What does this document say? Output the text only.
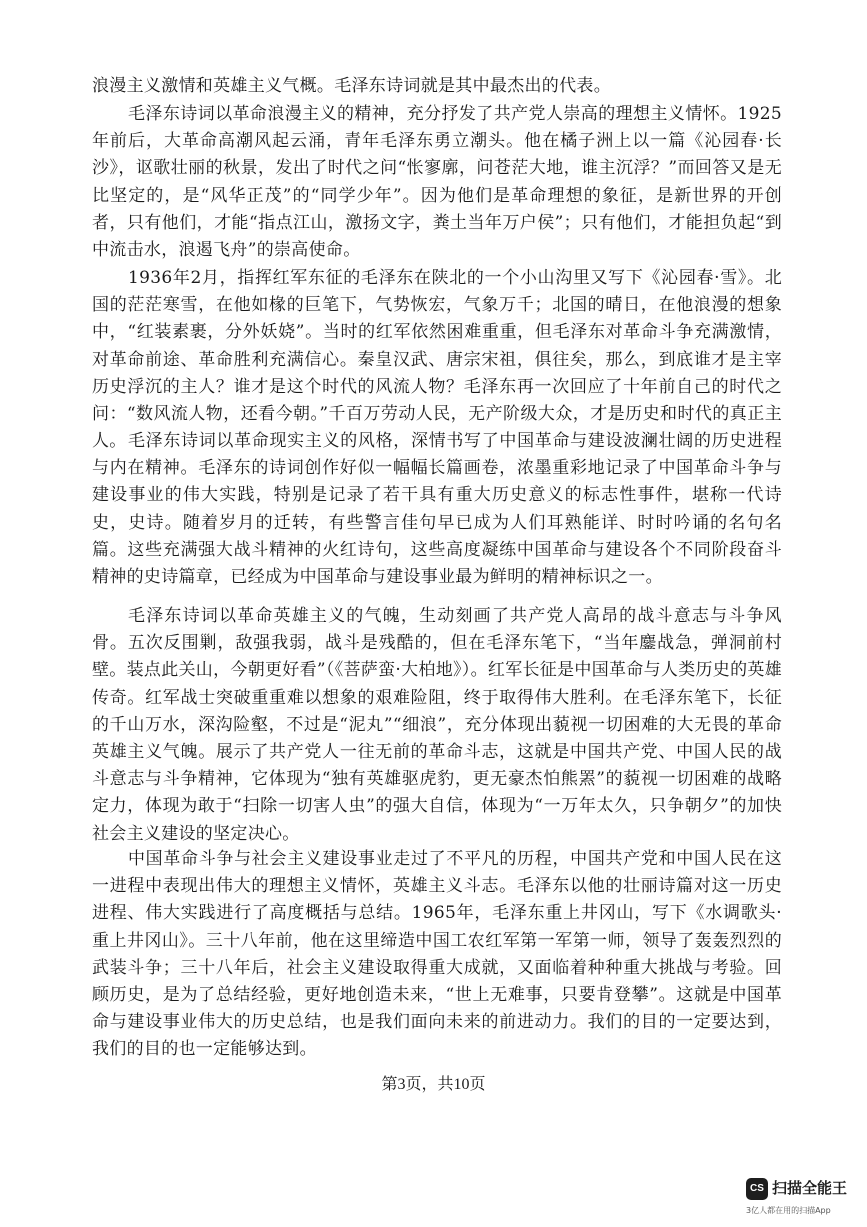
浪漫主义激情和英雄主义气概。毛泽东诗词就是其中最杰出的代表。

毛泽东诗词以革命浪漫主义的精神，充分抒发了共产党人崇高的理想主义情怀。1925年前后，大革命高潮风起云涌，青年毛泽东勇立潮头。他在橘子洲上以一篇《沁园春·长沙》，讴歌壮丽的秋景，发出了时代之问“怅寥廓，问苍茫大地，谁主沉浮？”而回答又是无比坚定的，是“风华正茂”的“同学少年”。因为他们是革命理想的象征，是新世界的开创者，只有他们，才能“指点江山，激扬文字，粪土当年万户侯”；只有他们，才能担负起“到中流击水，浪遏飞舟”的崇高使命。

1936年2月，指挥红军东征的毛泽东在陕北的一个小山沟里又写下《沁园春·雪》。北国的茫茫寒雪，在他如椽的巨笔下，气势恢宏，气象万千；北国的晴日，在他浪漫的想象中，“红装素裹，分外妖娆”。当时的红军依然困难重重，但毛泽东对革命斗争充满激情，对革命前途、革命胜利充满信心。秦皇汉武、唐宗宋祖，俱往矣，那么，到底谁才是主宰历史浮沉的主人？谁才是这个时代的风流人物？毛泽东再一次回应了十年前自己的时代之问：“数风流人物，还看今朝。”千百万劳动人民，无产阶级大众，才是历史和时代的真正主人。 毛泽东诗词以革命现实主义的风格，深情书写了中国革命与建设波澜壮阔的历史进程与内在精神。毛泽东的诗词创作好似一幅幅长篇画卷，浓墨重彩地记录了中国革命斗争与建设事业的伟大实践，特别是记录了若干具有重大历史意义的标志性事件，堪称一代诗史，史诗。随着岁月的迁转，有些警言佳句早已成为人们耳熟能详、时时吟诵的名句名篇。这些充满强大战斗精神的火红诗句，这些高度凝练中国革命与建设各个不同阶段奋斗精神的史诗篇章，已经成为中国革命与建设事业最为鲜明的精神标识之一。

毛泽东诗词以革命英雄主义的气魄，生动刻画了共产党人高昂的战斗意志与斗争风骨。五次反围剿，敌强我弱，战斗是残酷的，但在毛泽东笔下，“当年鏖战急，弹洞前村壁。装点此关山，今朝更好看”（《菩萨蛮·大柏地》）。红军长征是中国革命与人类历史的英雄传奇。红军战士突破重重难以想象的艰难险阻，终于取得伟大胜利。在毛泽东笔下，长征的千山万水，深沟险壑，不过是“泥丸”“细浪”，充分体现出藐视一切困难的大无畏的革命英雄主义气魄。展示了共产党人一往无前的革命斗志，这就是中国共产党、中国人民的战斗意志与斗争精神，它体现为“独有英雄驱虎豹，更无豪杰怕熊罴”的藐视一切困难的战略定力，体现为敢于“扫除一切害人虫”的强大自信，体现为“一万年太久，只争朝夕”的加快社会主义建设的坚定决心。

中国革命斗争与社会主义建设事业走过了不平凡的历程，中国共产党和中国人民在这一进程中表现出伟大的理想主义情怀，英雄主义斗志。毛泽东以他的壮丽诗篇对这一历史进程、伟大实践进行了高度概括与总结。1965年，毛泽东重上井冈山，写下《水调歌头·重上井冈山》。三十八年前，他在这里缔造中国工农红军第一军第一师，领导了轰轰烈烈的武装斗争；三十八年后，社会主义建设取得重大成就，又面临着种种重大挑战与考验。回顾历史，是为了总结经验，更好地创造未来，“世上无难事，只要肯登攀”。这就是中国革命与建设事业伟大的历史总结，也是我们面向未来的前进动力。我们的目的一定要达到，我们的目的也一定能够达到。

第3页，共10页
CS 扫描全能王
3亿人都在用的扫描App
